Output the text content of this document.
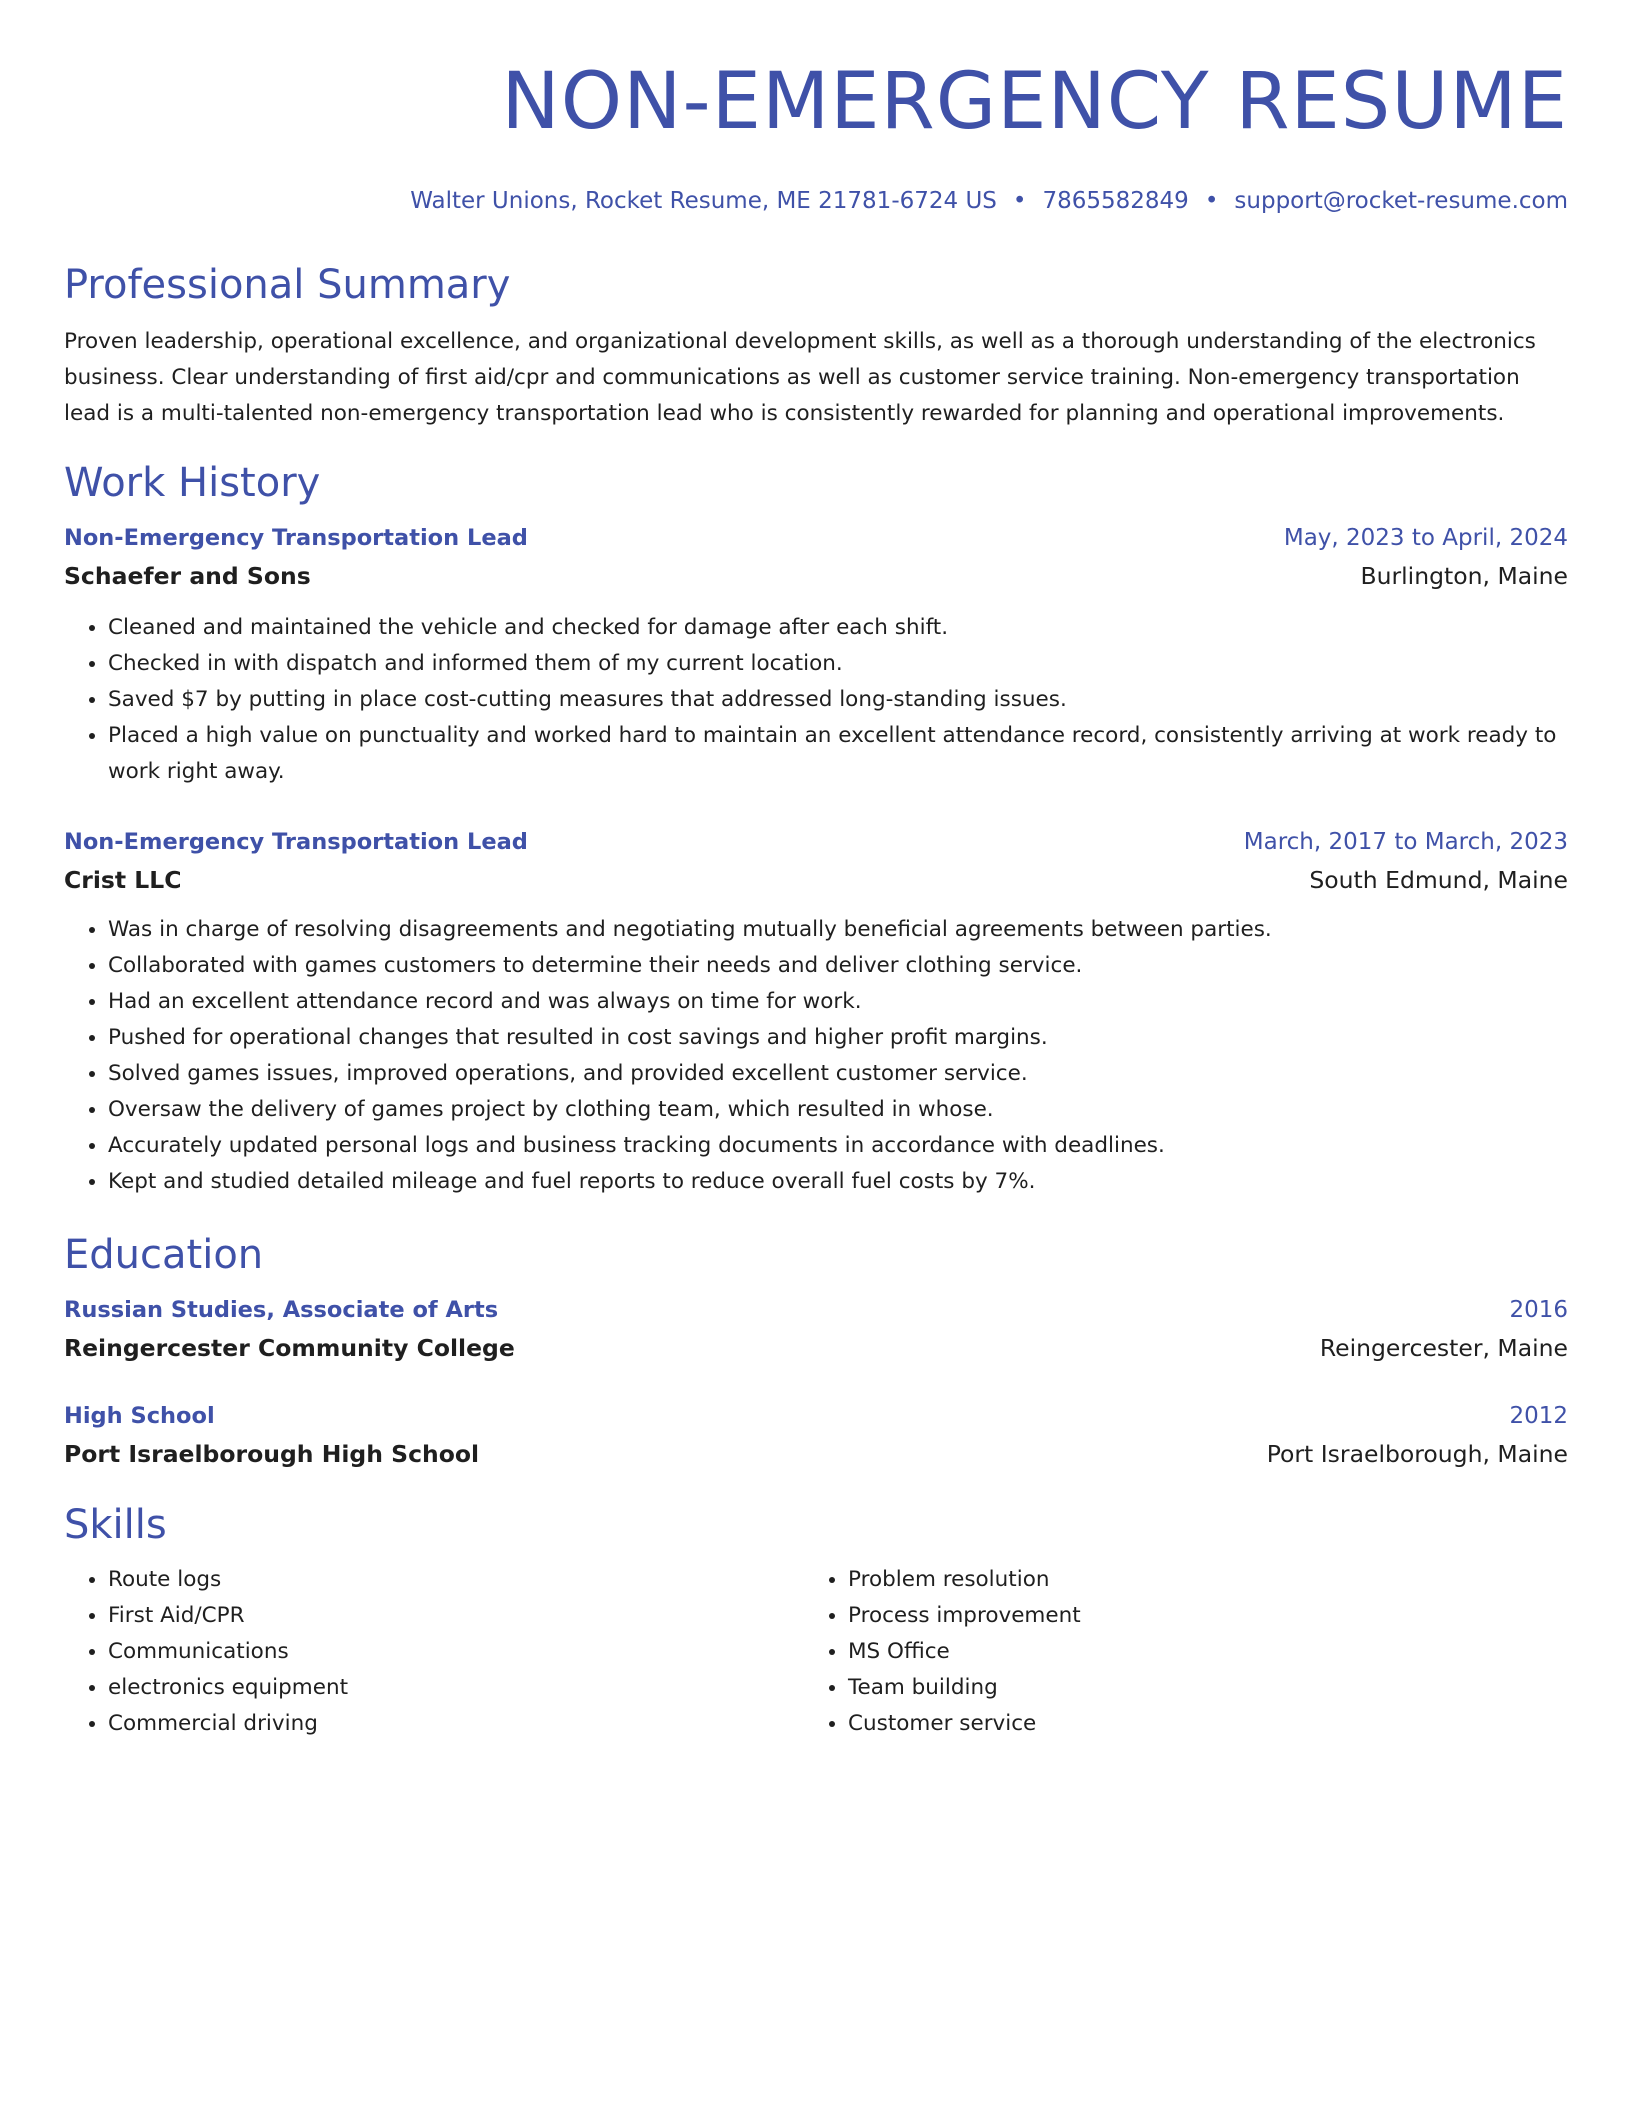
NON-EMERGENCY RESUME
Walter Unions, Rocket Resume, ME 21781-6724 US • 7865582849 • support@rocket-resume.com
Professional Summary
Proven leadership, operational excellence, and organizational development skills, as well as a thorough understanding of the electronics business. Clear understanding of first aid/cpr and communications as well as customer service training. Non-emergency transportation lead is a multi-talented non-emergency transportation lead who is consistently rewarded for planning and operational improvements.
Work History
Non-Emergency Transportation Lead	May, 2023 to April, 2024
Schaefer and Sons	Burlington, Maine
• Cleaned and maintained the vehicle and checked for damage after each shift.
• Checked in with dispatch and informed them of my current location.
• Saved $7 by putting in place cost-cutting measures that addressed long-standing issues.
• Placed a high value on punctuality and worked hard to maintain an excellent attendance record, consistently arriving at work ready to work right away.
Non-Emergency Transportation Lead	March, 2017 to March, 2023
Crist LLC	South Edmund, Maine
• Was in charge of resolving disagreements and negotiating mutually beneficial agreements between parties.
• Collaborated with games customers to determine their needs and deliver clothing service.
• Had an excellent attendance record and was always on time for work.
• Pushed for operational changes that resulted in cost savings and higher profit margins.
• Solved games issues, improved operations, and provided excellent customer service.
• Oversaw the delivery of games project by clothing team, which resulted in whose.
• Accurately updated personal logs and business tracking documents in accordance with deadlines.
• Kept and studied detailed mileage and fuel reports to reduce overall fuel costs by 7%.
Education
Russian Studies, Associate of Arts	2016
Reingercester Community College	Reingercester, Maine
High School	2012
Port Israelborough High School	Port Israelborough, Maine
Skills
• Route logs
• First Aid/CPR
• Communications
• electronics equipment
• Commercial driving
• Problem resolution
• Process improvement
• MS Office
• Team building
• Customer service
